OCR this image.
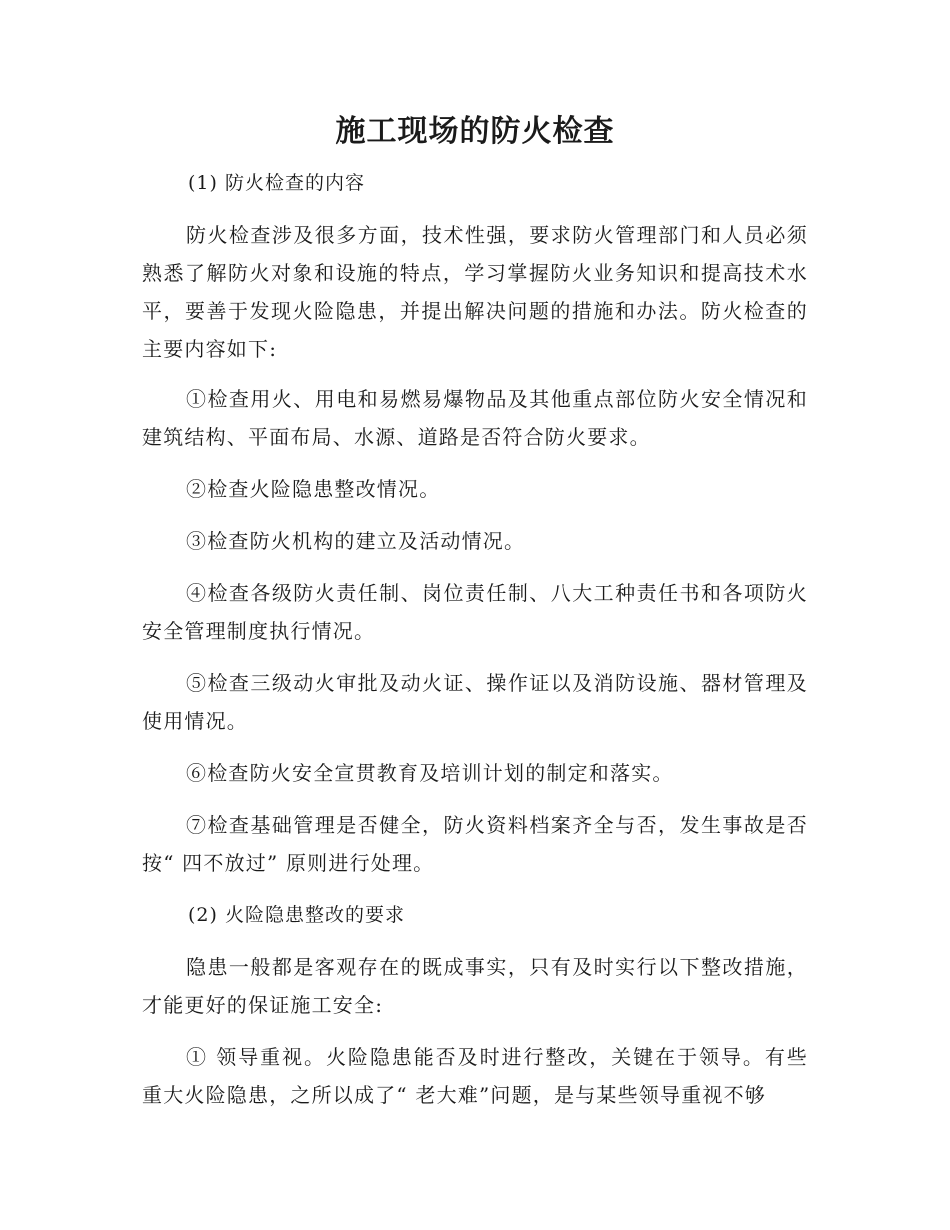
施工现场的防火检查
(1) 防火检查的内容

防火检查涉及很多方面，技术性强，要求防火管理部门和人员必须熟悉了解防火对象和设施的特点，学习掌握防火业务知识和提高技术水平，要善于发现火险隐患，并提出解决问题的措施和办法。防火检查的主要内容如下:

①检查用火、用电和易燃易爆物品及其他重点部位防火安全情况和建筑结构、平面布局、水源、道路是否符合防火要求。

②检查火险隐患整改情况。

③检查防火机构的建立及活动情况。

④检查各级防火责任制、岗位责任制、八大工种责任书和各项防火安全管理制度执行情况。

⑤检查三级动火审批及动火证、操作证以及消防设施、器材管理及使用情况。

⑥检查防火安全宣贯教育及培训计划的制定和落实。

⑦检查基础管理是否健全，防火资料档案齐全与否，发生事故是否按“ 四不放过” 原则进行处理。

(2) 火险隐患整改的要求

隐患一般都是客观存在的既成事实，只有及时实行以下整改措施，才能更好的保证施工安全:

① 领导重视。火险隐患能否及时进行整改，关键在于领导。有些重大火险隐患，之所以成了“ 老大难”问题，是与某些领导重视不够
